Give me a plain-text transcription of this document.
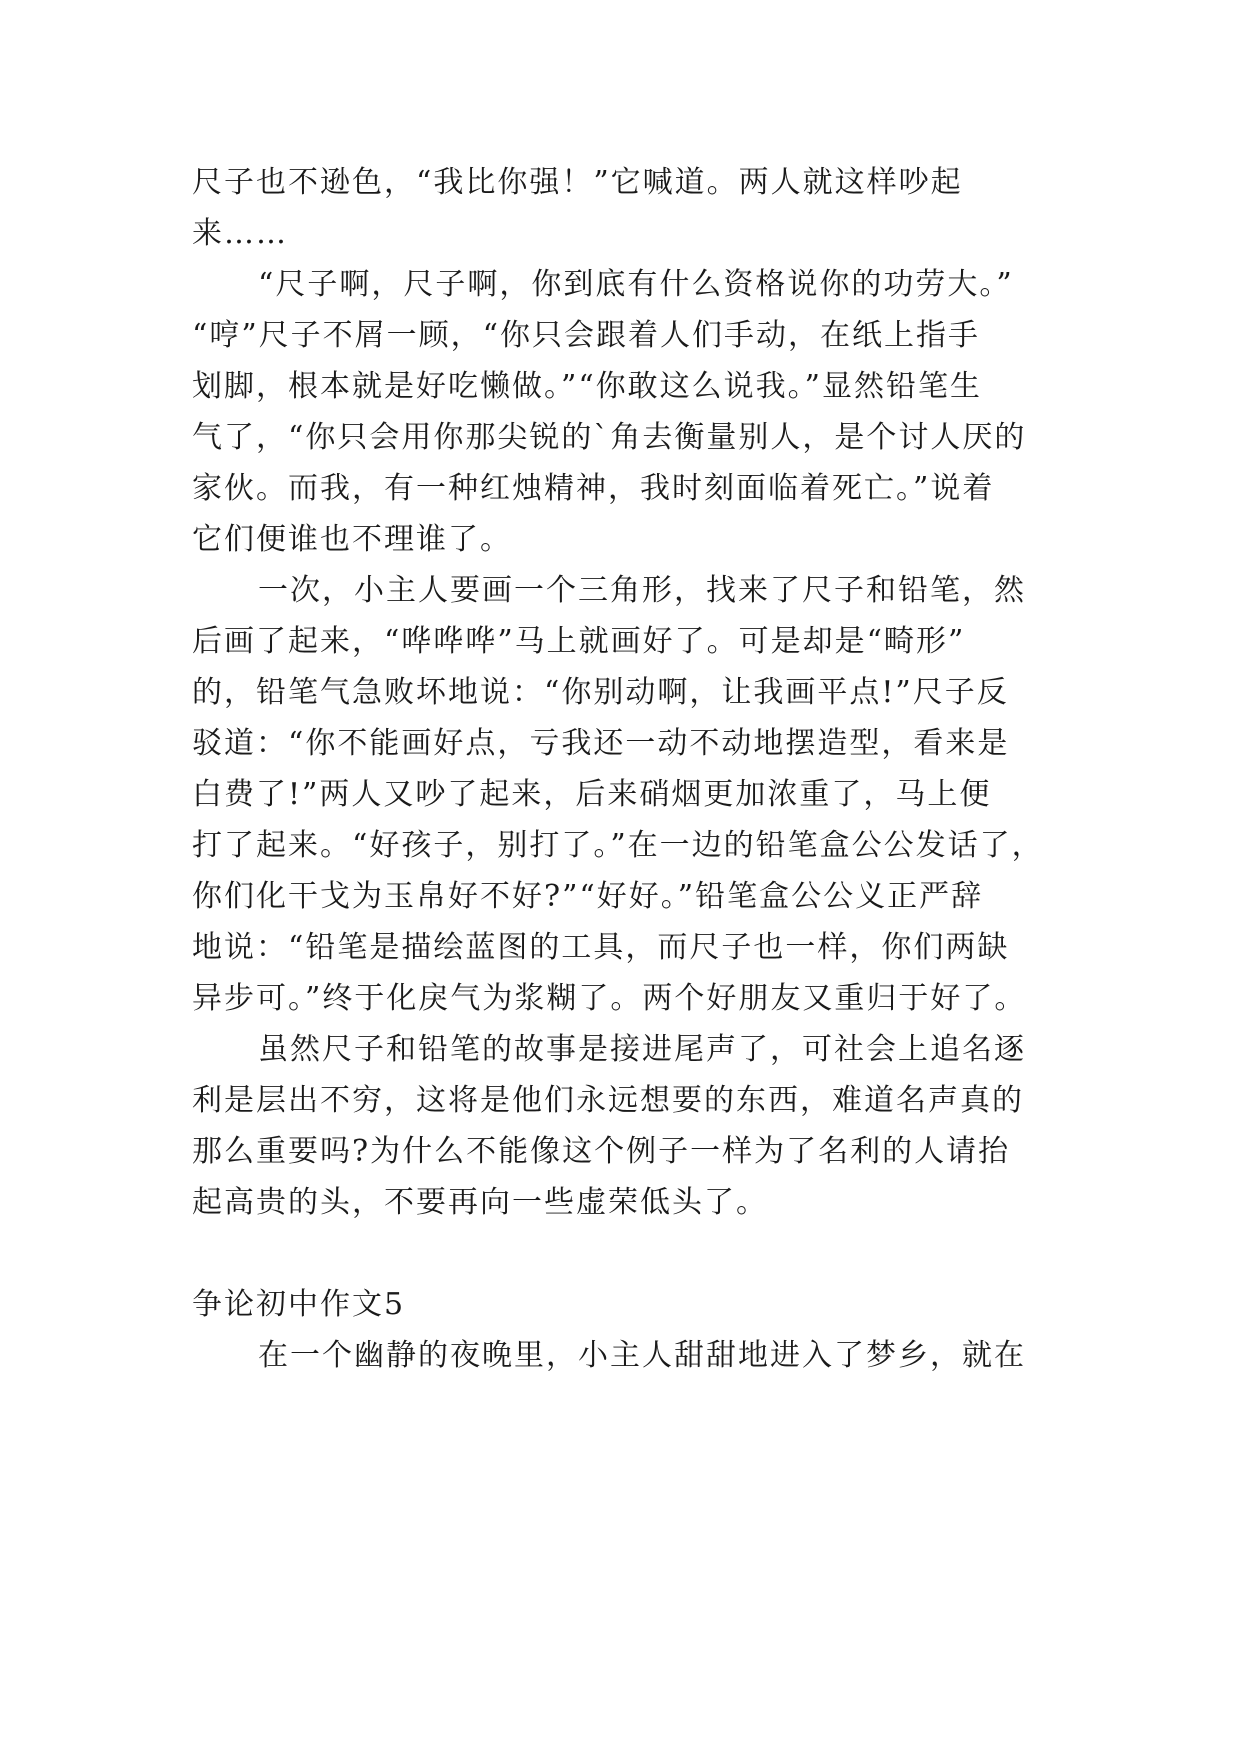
尺子也不逊色，“我比你强！”它喊道。两人就这样吵起
来……
“尺子啊，尺子啊，你到底有什么资格说你的功劳大。”
“哼”尺子不屑一顾，“你只会跟着人们手动，在纸上指手
划脚，根本就是好吃懒做。”“你敢这么说我。”显然铅笔生
气了，“你只会用你那尖锐的`角去衡量别人，是个讨人厌的
家伙。而我，有一种红烛精神，我时刻面临着死亡。”说着
它们便谁也不理谁了。
一次，小主人要画一个三角形，找来了尺子和铅笔，然
后画了起来，“哗哗哗”马上就画好了。可是却是“畸形”
的，铅笔气急败坏地说：“你别动啊，让我画平点!”尺子反
驳道：“你不能画好点，亏我还一动不动地摆造型，看来是
白费了!”两人又吵了起来，后来硝烟更加浓重了，马上便
打了起来。“好孩子，别打了。”在一边的铅笔盒公公发话了，
你们化干戈为玉帛好不好?”“好好。”铅笔盒公公义正严辞
地说：“铅笔是描绘蓝图的工具，而尺子也一样，你们两缺
异步可。”终于化戾气为浆糊了。两个好朋友又重归于好了。
虽然尺子和铅笔的故事是接进尾声了，可社会上追名逐
利是层出不穷，这将是他们永远想要的东西，难道名声真的
那么重要吗?为什么不能像这个例子一样为了名利的人请抬
起高贵的头，不要再向一些虚荣低头了。
争论初中作文5
在一个幽静的夜晚里，小主人甜甜地进入了梦乡，就在
